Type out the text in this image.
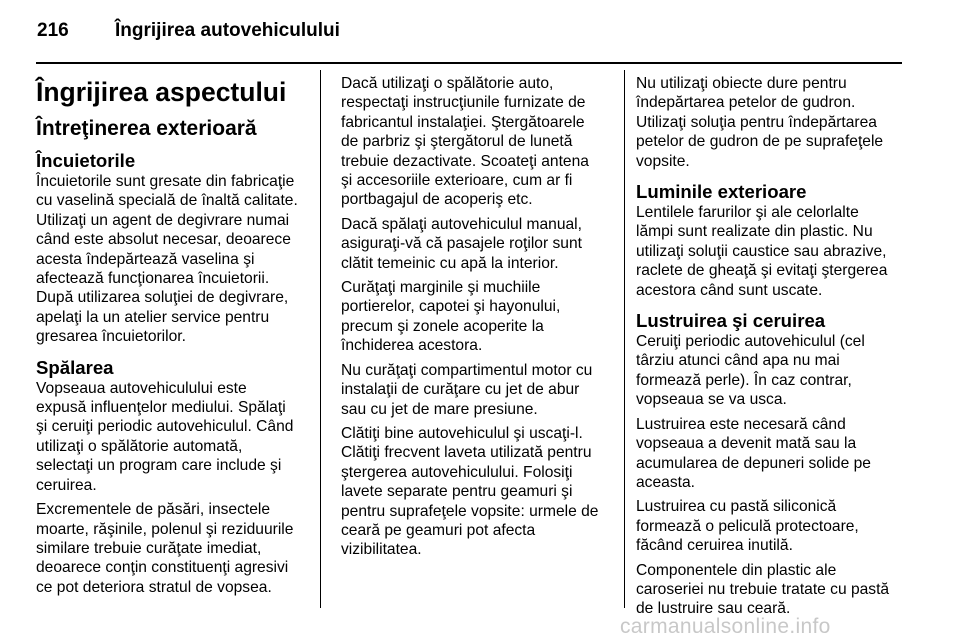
216 Îngrijirea autovehiculului
Îngrijirea aspectului
Întreţinerea exterioară
Încuietorile

Încuietorile sunt gresate din fabricaţie
cu vaselină specială de înaltă calitate.
Utilizaţi un agent de degivrare numai
când este absolut necesar, deoarece
acesta îndepărtează vaselina şi
afectează funcţionarea încuietorii.
După utilizarea soluţiei de degivrare,
apelaţi la un atelier service pentru
gresarea încuietorilor.

Spălarea

Vopseaua autovehiculului este
expusă influenţelor mediului. Spălaţi
şi ceruiţi periodic autovehiculul. Când
utilizaţi o spălătorie automată,
selectaţi un program care include şi
ceruirea.

Excrementele de păsări, insectele
moarte, răşinile, polenul şi reziduurile
similare trebuie curăţate imediat,
deoarece conţin constituenţi agresivi
ce pot deteriora stratul de vopsea.

Dacă utilizaţi o spălătorie auto,
respectaţi instrucţiunile furnizate de
fabricantul instalaţiei. Ştergătoarele
de parbriz şi ştergătorul de lunetă
trebuie dezactivate. Scoateţi antena
şi accesoriile exterioare, cum ar fi
portbagajul de acoperiş etc.

Dacă spălaţi autovehiculul manual,
asiguraţi-vă că pasajele roţilor sunt
clătit temeinic cu apă la interior.

Curăţaţi marginile şi muchiile
portierelor, capotei şi hayonului,
precum şi zonele acoperite la
închiderea acestora.

Nu curăţaţi compartimentul motor cu
instalaţii de curăţare cu jet de abur
sau cu jet de mare presiune.

Clătiţi bine autovehiculul şi uscaţi-l.
Clătiţi frecvent laveta utilizată pentru
ştergerea autovehiculului. Folosiţi
lavete separate pentru geamuri şi
pentru suprafeţele vopsite: urmele de
ceară pe geamuri pot afecta
vizibilitatea.

Nu utilizaţi obiecte dure pentru
îndepărtarea petelor de gudron.
Utilizaţi soluţia pentru îndepărtarea
petelor de gudron de pe suprafeţele
vopsite.

Luminile exterioare

Lentilele farurilor şi ale celorlalte
lămpi sunt realizate din plastic. Nu
utilizaţi soluţii caustice sau abrazive,
raclete de gheaţă şi evitaţi ştergerea
acestora când sunt uscate.

Lustruirea şi ceruirea

Ceruiţi periodic autovehiculul (cel
târziu atunci când apa nu mai
formează perle). În caz contrar,
vopseaua se va usca.

Lustruirea este necesară când
vopseaua a devenit mată sau la
acumularea de depuneri solide pe
aceasta.

Lustruirea cu pastă siliconică
formează o peliculă protectoare,
făcând ceruirea inutilă.

Componentele din plastic ale
caroseriei nu trebuie tratate cu pastă
de lustruire sau ceară.

carmanualsonline.info
